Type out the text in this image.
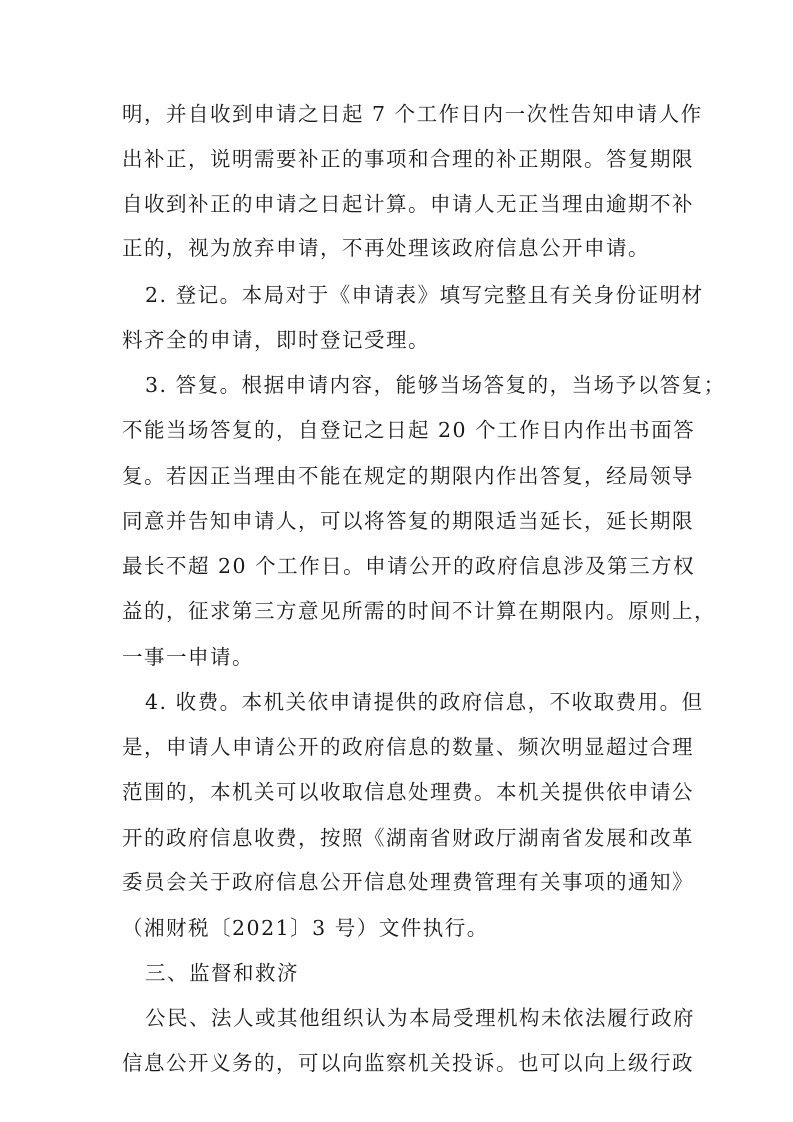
明，并自收到申请之日起 7 个工作日内一次性告知申请人作
出补正，说明需要补正的事项和合理的补正期限。答复期限
自收到补正的申请之日起计算。申请人无正当理由逾期不补
正的，视为放弃申请，不再处理该政府信息公开申请。
2. 登记。本局对于《申请表》填写完整且有关身份证明材
料齐全的申请，即时登记受理。
3. 答复。根据申请内容，能够当场答复的，当场予以答复；
不能当场答复的，自登记之日起 20 个工作日内作出书面答
复。若因正当理由不能在规定的期限内作出答复，经局领导
同意并告知申请人，可以将答复的期限适当延长，延长期限
最长不超 20 个工作日。申请公开的政府信息涉及第三方权
益的，征求第三方意见所需的时间不计算在期限内。原则上，
一事一申请。
4. 收费。本机关依申请提供的政府信息，不收取费用。但
是，申请人申请公开的政府信息的数量、频次明显超过合理
范围的，本机关可以收取信息处理费。本机关提供依申请公
开的政府信息收费，按照《湖南省财政厅湖南省发展和改革
委员会关于政府信息公开信息处理费管理有关事项的通知》
（湘财税〔2021〕3 号）文件执行。
三、监督和救济
公民、法人或其他组织认为本局受理机构未依法履行政府
信息公开义务的，可以向监察机关投诉。也可以向上级行政
